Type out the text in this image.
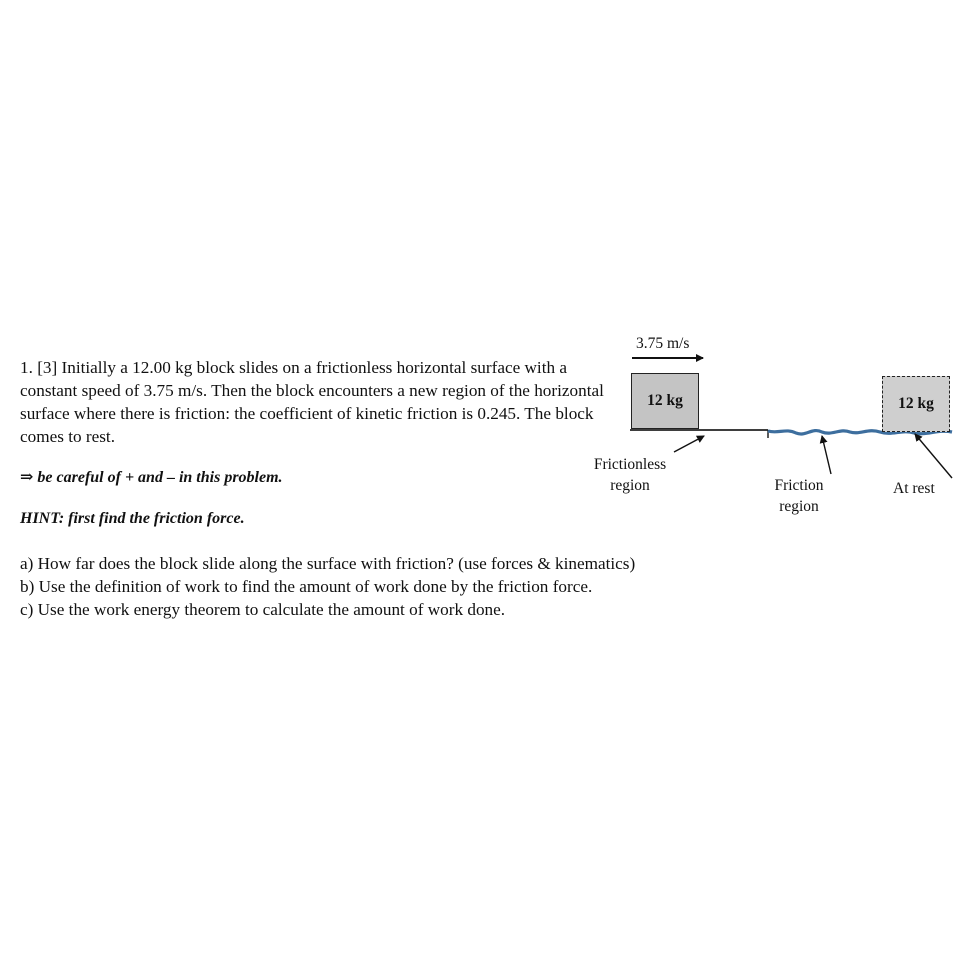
1. [3] Initially a 12.00 kg block slides on a frictionless horizontal surface with a constant speed of 3.75 m/s. Then the block encounters a new region of the horizontal surface where there is friction: the coefficient of kinetic friction is 0.245. The block comes to rest.

⇒ be careful of + and – in this problem.

HINT: first find the friction force.

a) How far does the block slide along the surface with friction? (use forces & kinematics)

b) Use the definition of work to find the amount of work done by the friction force.

c) Use the work energy theorem to calculate the amount of work done.

3.75 m/s
12 kg	12 kg
Frictionless
region	Friction
region
At rest
